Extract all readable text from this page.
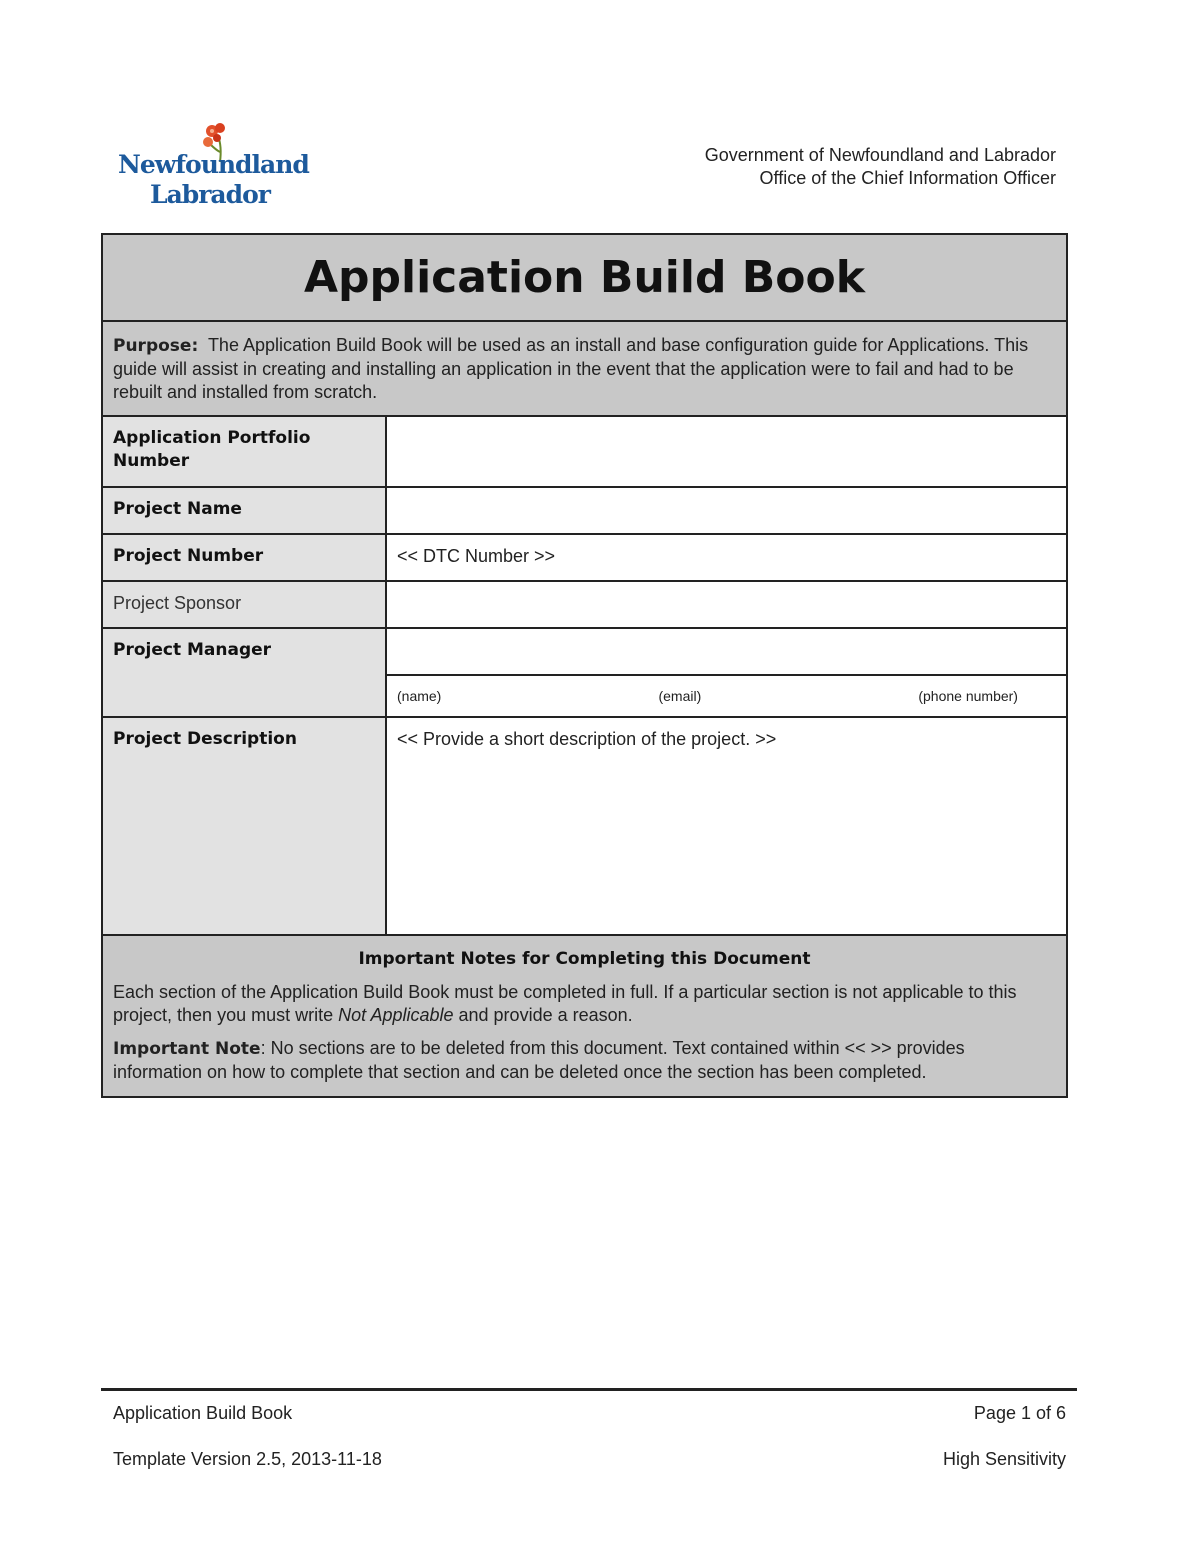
Newfoundland
Labrador
Government of Newfoundland and Labrador
Office of the Chief Information Officer
Application Build Book
Purpose: The Application Build Book will be used as an install and base configuration guide for Applications. This guide will assist in creating and installing an application in the event that the application were to fail and had to be rebuilt and installed from scratch.
Application Portfolio Number
Project Name
Project Number	<< DTC Number >>
Project Sponsor
Project Manager
(name)	(email)	(phone number)
Project Description	<< Provide a short description of the project. >>
Important Notes for Completing this Document

Each section of the Application Build Book must be completed in full. If a particular section is not applicable to this project, then you must write Not Applicable and provide a reason.

Important Note: No sections are to be deleted from this document. Text contained within << >> provides information on how to complete that section and can be deleted once the section has been completed.

Application Build Book	Page 1 of 6
Template Version 2.5, 2013-11-18	High Sensitivity
